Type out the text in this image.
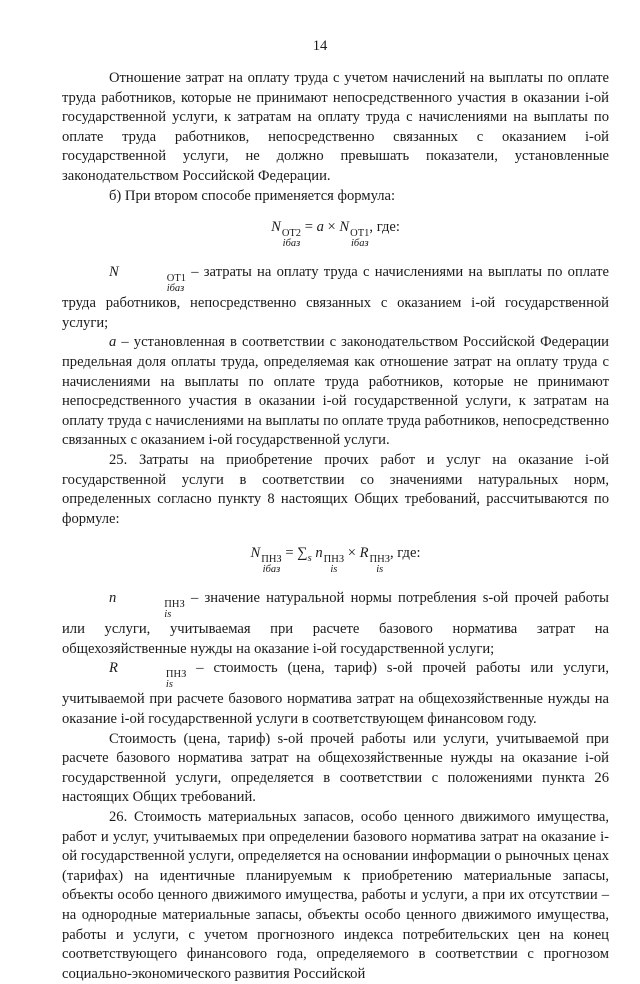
14

Отношение затрат на оплату труда с учетом начислений на выплаты по оплате труда работников, которые не принимают непосредственного участия в оказании i-ой государственной услуги, к затратам на оплату труда с начислениями на выплаты по оплате труда работников, непосредственно связанных с оказанием i-ой государственной услуги, не должно превышать показатели, установленные законодательством Российской Федерации.

б) При втором способе применяется формула:

N ОТ2
iбаз
= a × N ОТ1
iбаз
, где:

N	ОТ1
iбаз
– затраты на оплату труда с начислениями на выплаты по оплате труда работников, непосредственно связанных с оказанием i-ой государственной услуги;

a – установленная в соответствии с законодательством Российской Федерации предельная доля оплаты труда, определяемая как отношение затрат на оплату труда с начислениями на выплаты по оплате труда работников, которые не принимают непосредственного участия в оказании i-ой государственной услуги, к затратам на оплату труда с начислениями на выплаты по оплате труда работников, непосредственно связанных с оказанием i-ой государственной услуги.

25. Затраты на приобретение прочих работ и услуг на оказание i-ой государственной услуги в соответствии со значениями натуральных норм, определенных согласно пункту 8 настоящих Общих требований, рассчитываются по формуле:

N ПНЗ
iбаз
= $\sum_s$ n ПНЗ
is
× R ПНЗ
is
, где:

n	ПНЗ
is
– значение натуральной нормы потребления s-ой прочей работы или услуги, учитываемая при расчете базового норматива затрат на общехозяйственные нужды на оказание i-ой государственной услуги;

R	ПНЗ
is
– стоимость (цена, тариф) s-ой прочей работы или услуги, учитываемой при расчете базового норматива затрат на общехозяйственные нужды на оказание i-ой государственной услуги в соответствующем финансовом году.

Стоимость (цена, тариф) s-ой прочей работы или услуги, учитываемой при расчете базового норматива затрат на общехозяйственные нужды на оказание i-ой государственной услуги, определяется в соответствии с положениями пункта 26 настоящих Общих требований.

26. Стоимость материальных запасов, особо ценного движимого имущества, работ и услуг, учитываемых при определении базового норматива затрат на оказание i-ой государственной услуги, определяется на основании информации о рыночных ценах (тарифах) на идентичные планируемым к приобретению материальные запасы, объекты особо ценного движимого имущества, работы и услуги, а при их отсутствии – на однородные материальные запасы, объекты особо ценного движимого имущества, работы и услуги, с учетом прогнозного индекса потребительских цен на конец соответствующего финансового года, определяемого в соответствии с прогнозом социально-экономического развития Российской
